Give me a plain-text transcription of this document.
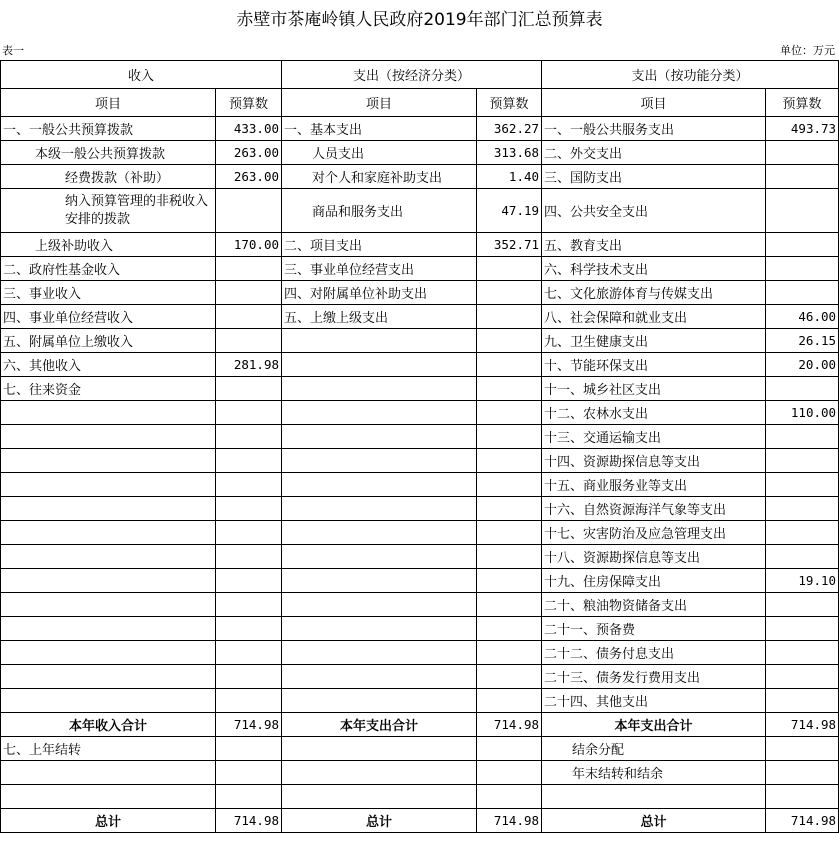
赤壁市茶庵岭镇人民政府2019年部门汇总预算表
表一	单位：万元
收入		支出（按经济分类）		支出（按功能分类）	
项目	预算数	项目	预算数	项目	预算数
一、一般公共预算拨款	433.00	一、基本支出	362.27	一、一般公共服务支出	493.73
本级一般公共预算拨款	263.00	人员支出	313.68	二、外交支出	
经费拨款（补助）	263.00	对个人和家庭补助支出	1.40	三、国防支出	
纳入预算管理的非税收入安排的拨款		商品和服务支出	47.19	四、公共安全支出	
上级补助收入	170.00	二、项目支出	352.71	五、教育支出	
二、政府性基金收入		三、事业单位经营支出		六、科学技术支出	
三、事业收入		四、对附属单位补助支出		七、文化旅游体育与传媒支出	
四、事业单位经营收入		五、上缴上级支出		八、社会保障和就业支出	46.00
五、附属单位上缴收入				九、卫生健康支出	26.15
六、其他收入	281.98			十、节能环保支出	20.00
七、往来资金				十一、城乡社区支出	
				十二、农林水支出	110.00
				十三、交通运输支出	
				十四、资源勘探信息等支出	
				十五、商业服务业等支出	
				十六、自然资源海洋气象等支出	
				十七、灾害防治及应急管理支出	
				十八、资源勘探信息等支出	
				十九、住房保障支出	19.10
				二十、粮油物资储备支出	
				二十一、预备费	
				二十二、债务付息支出	
				二十三、债务发行费用支出	
				二十四、其他支出	
本年收入合计	714.98	本年支出合计	714.98	本年支出合计	714.98
七、上年结转				结余分配	
				年末结转和结余	

总计	714.98	总计	714.98	总计	714.98
